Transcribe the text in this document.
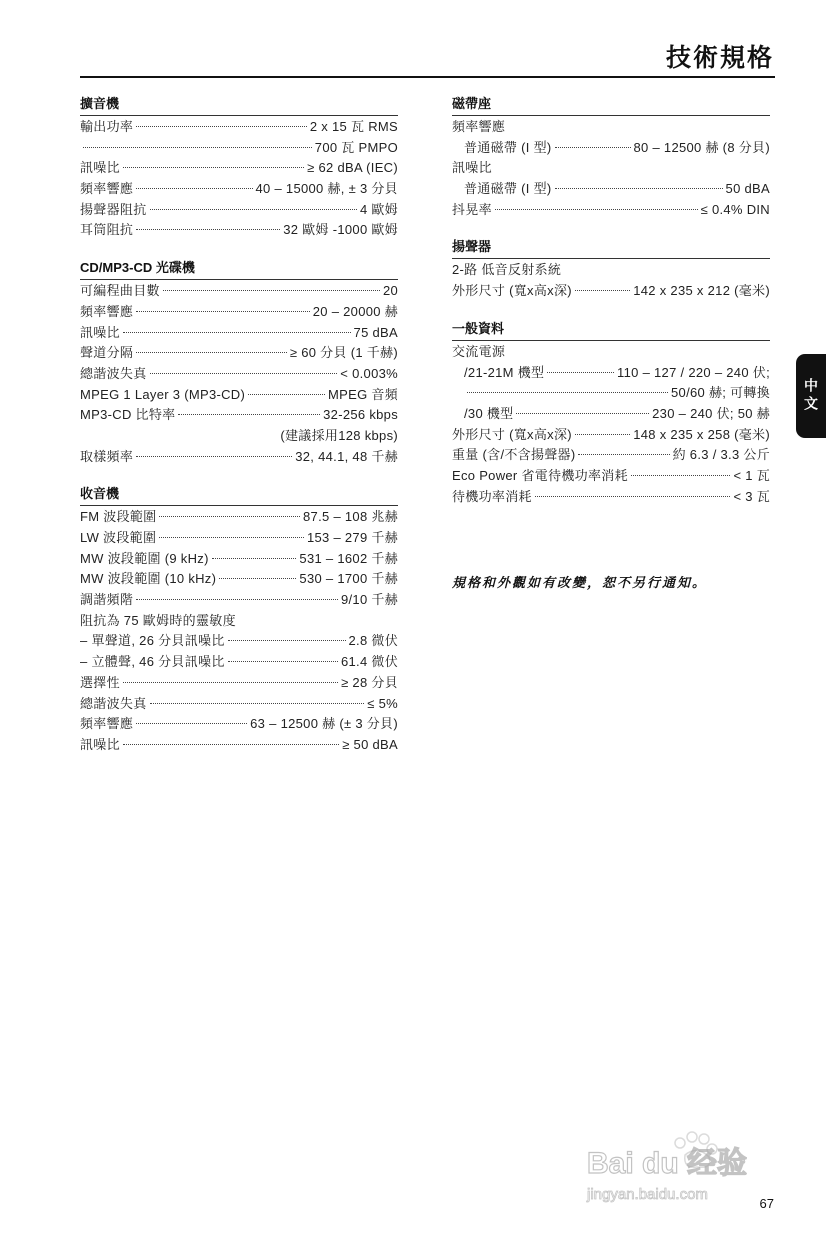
技術規格
擴音機
輸出功率	2 x 15 瓦 RMS
700 瓦 PMPO
訊噪比	≥ 62 dBA (IEC)
頻率響應	40 – 15000 赫, ± 3 分貝
揚聲器阻抗	4 歐姆
耳筒阻抗	32 歐姆 -1000 歐姆
CD/MP3-CD 光碟機
可編程曲目數	20
頻率響應	20 – 20000 赫
訊噪比	75 dBA
聲道分隔	≥ 60 分貝 (1 千赫)
總諧波失真	< 0.003%
MPEG 1 Layer 3 (MP3-CD)	MPEG 音頻
MP3-CD 比特率	32-256 kbps
(建議採用128 kbps)
取樣頻率	32, 44.1, 48 千赫
收音機
FM 波段範圍	87.5 – 108 兆赫
LW 波段範圍	153 – 279 千赫
MW 波段範圍 (9 kHz)	531 – 1602 千赫
MW 波段範圍 (10 kHz)	530 – 1700 千赫
調諧頻階	9/10 千赫
阻抗為 75 歐姆時的靈敏度
– 單聲道, 26 分貝訊噪比	2.8 微伏
– 立體聲, 46 分貝訊噪比	61.4 微伏
選擇性	≥ 28 分貝
總諧波失真	≤ 5%
頻率響應	63 – 12500 赫 (± 3 分貝)
訊噪比	≥ 50 dBA
磁帶座
頻率響應
普通磁帶 (I 型)	80 – 12500 赫 (8 分貝)
訊噪比
普通磁帶 (I 型)	50 dBA
抖晃率	≤ 0.4% DIN
揚聲器
2-路 低音反射系統
外形尺寸 (寬x高x深)	142 x 235 x 212 (毫米)
一般資料
交流電源
/21-21M 機型	110 – 127 / 220 – 240 伏;
50/60 赫; 可轉換
/30 機型	230 – 240 伏; 50 赫
外形尺寸 (寬x高x深)	148 x 235 x 258 (毫米)
重量 (含/不含揚聲器)	約 6.3 / 3.3 公斤
Eco Power 省電待機功率消耗	< 1 瓦
待機功率消耗	< 3 瓦
規格和外觀如有改變，恕不另行通知。
中文
Bai du 经验
jingyan.baidu.com
67
